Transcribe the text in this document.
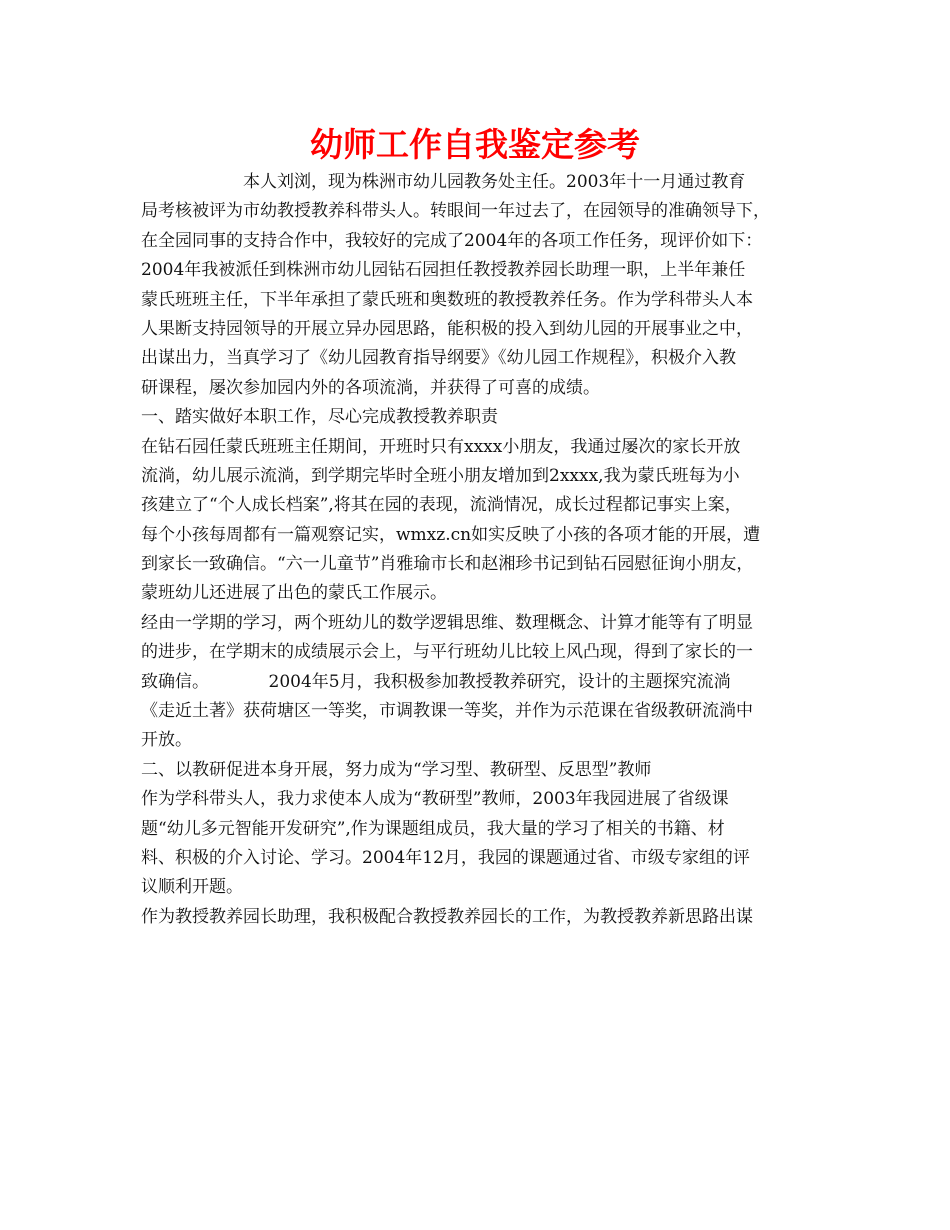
幼师工作自我鉴定参考
　　　　　　本人刘浏，现为株洲市幼儿园教务处主任。2003年十一月通过教育
局考核被评为市幼教授教养科带头人。转眼间一年过去了，在园领导的准确领导下，
在全园同事的支持合作中，我较好的完成了2004年的各项工作任务，现评价如下：
2004年我被派任到株洲市幼儿园钻石园担任教授教养园长助理一职，上半年兼任
蒙氏班班主任，下半年承担了蒙氏班和奥数班的教授教养任务。作为学科带头人本
人果断支持园领导的开展立异办园思路，能积极的投入到幼儿园的开展事业之中，
出谋出力，当真学习了《幼儿园教育指导纲要》《幼儿园工作规程》，积极介入教
研课程，屡次参加园内外的各项流淌，并获得了可喜的成绩。
一、踏实做好本职工作，尽心完成教授教养职责
在钻石园任蒙氏班班主任期间，开班时只有xxxx小朋友，我通过屡次的家长开放
流淌，幼儿展示流淌，到学期完毕时全班小朋友增加到2xxxx,我为蒙氏班每为小
孩建立了“个人成长档案”,将其在园的表现，流淌情况，成长过程都记事实上案，
每个小孩每周都有一篇观察记实，wmxz.cn如实反映了小孩的各项才能的开展，遭
到家长一致确信。“六一儿童节”肖雅瑜市长和赵湘珍书记到钻石园慰征询小朋友，
蒙班幼儿还进展了出色的蒙氏工作展示。
经由一学期的学习，两个班幼儿的数学逻辑思维、数理概念、计算才能等有了明显
的进步，在学期末的成绩展示会上，与平行班幼儿比较上风凸现，得到了家长的一
致确信。　　　　2004年5月，我积极参加教授教养研究，设计的主题探究流淌
《走近土著》获荷塘区一等奖，市调教课一等奖，并作为示范课在省级教研流淌中
开放。
二、以教研促进本身开展，努力成为“学习型、教研型、反思型”教师
作为学科带头人，我力求使本人成为“教研型”教师，2003年我园进展了省级课
题“幼儿多元智能开发研究”,作为课题组成员，我大量的学习了相关的书籍、材
料、积极的介入讨论、学习。2004年12月，我园的课题通过省、市级专家组的评
议顺利开题。
作为教授教养园长助理，我积极配合教授教养园长的工作，为教授教养新思路出谋
